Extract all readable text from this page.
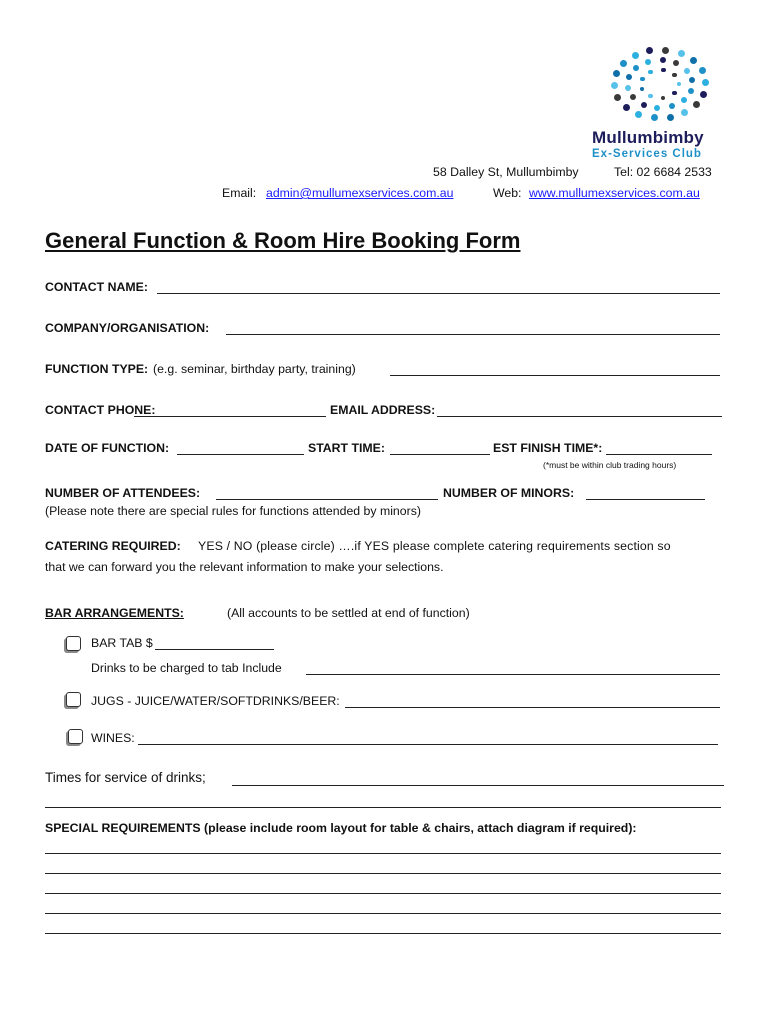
Mullumbimby
Ex-Services Club
58 Dalley St, Mullumbimby	Tel: 02 6684 2533
Email: admin@mullumexservices.com.au	Web: www.mullumexservices.com.au
General Function & Room Hire Booking Form
CONTACT NAME:
COMPANY/ORGANISATION:
FUNCTION TYPE: (e.g. seminar, birthday party, training)
CONTACT PHONE:	EMAIL ADDRESS:
DATE OF FUNCTION:	START TIME:	EST FINISH TIME*:
(*must be within club trading hours)
NUMBER OF ATTENDEES:	NUMBER OF MINORS:
(Please note there are special rules for functions attended by minors)
CATERING REQUIRED: YES / NO (please circle) ….if YES please complete catering requirements section so
that we can forward you the relevant information to make your selections.
BAR ARRANGEMENTS:	(All accounts to be settled at end of function)
BAR TAB $
Drinks to be charged to tab Include
JUGS - JUICE/WATER/SOFTDRINKS/BEER:
WINES:
Times for service of drinks;
SPECIAL REQUIREMENTS (please include room layout for table & chairs, attach diagram if required):
